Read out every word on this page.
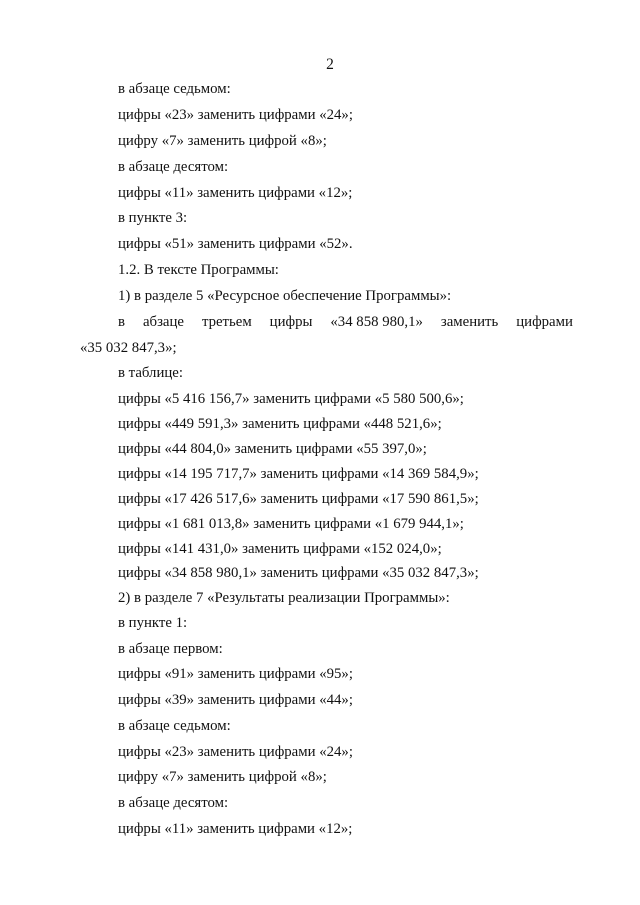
2
в абзаце седьмом:
цифры «23» заменить цифрами «24»;
цифру «7» заменить цифрой «8»;
в абзаце десятом:
цифры «11» заменить цифрами «12»;
в пункте 3:
цифры «51» заменить цифрами «52».
1.2. В тексте Программы:
1) в разделе 5 «Ресурсное обеспечение Программы»:
в абзаце третьем цифры «34 858 980,1» заменить цифрами
«35 032 847,3»;
в таблице:
цифры «5 416 156,7» заменить цифрами «5 580 500,6»;
цифры «449 591,3» заменить цифрами «448 521,6»;
цифры «44 804,0» заменить цифрами «55 397,0»;
цифры «14 195 717,7» заменить цифрами «14 369 584,9»;
цифры «17 426 517,6» заменить цифрами «17 590 861,5»;
цифры «1 681 013,8» заменить цифрами «1 679 944,1»;
цифры «141 431,0» заменить цифрами «152 024,0»;
цифры «34 858 980,1» заменить цифрами «35 032 847,3»;
2) в разделе 7 «Результаты реализации Программы»:
в пункте 1:
в абзаце первом:
цифры «91» заменить цифрами «95»;
цифры «39» заменить цифрами «44»;
в абзаце седьмом:
цифры «23» заменить цифрами «24»;
цифру «7» заменить цифрой «8»;
в абзаце десятом:
цифры «11» заменить цифрами «12»;
